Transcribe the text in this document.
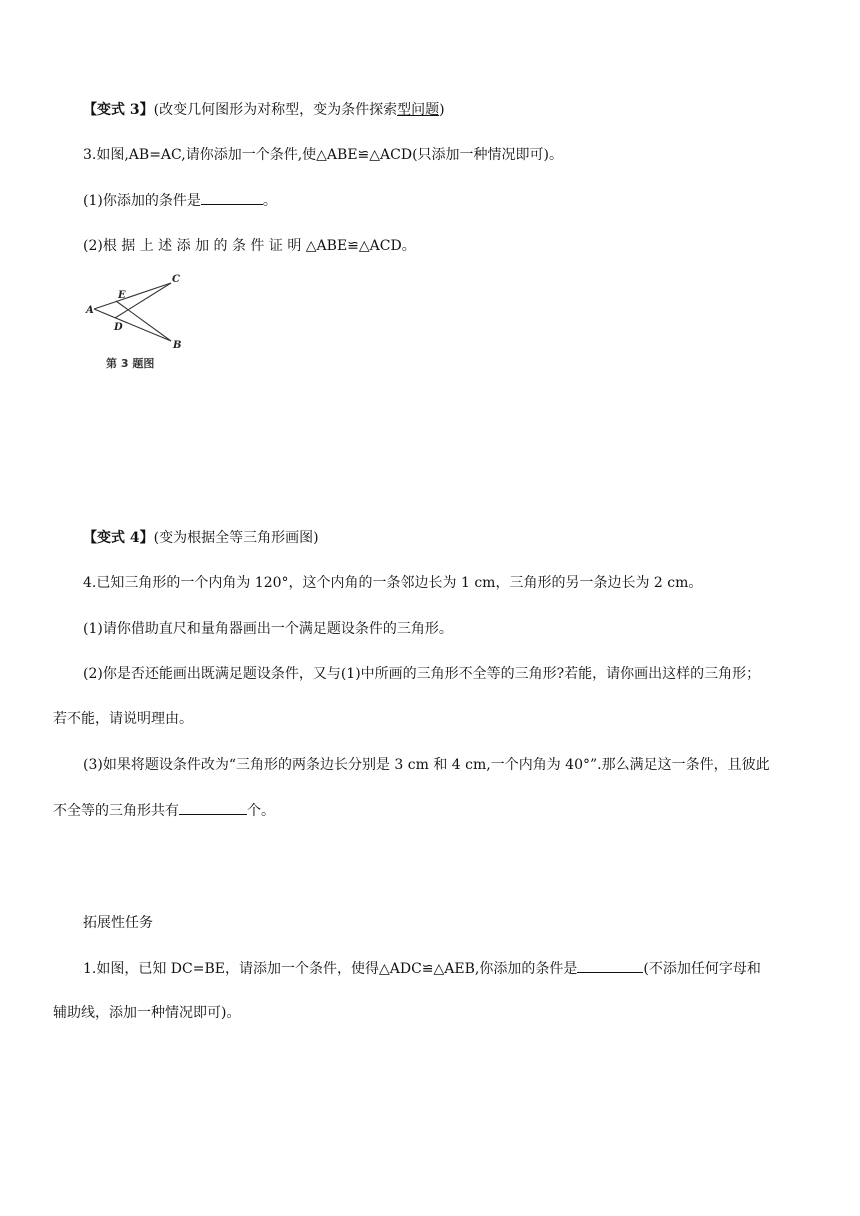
【变式 3】(改变几何图形为对称型，变为条件探索型问题)
3.如图,AB=AC,请你添加一个条件,使△ABE≌△ACD(只添加一种情况即可)。
(1)你添加的条件是	。
(2)根 据 上 述 添 加 的 条 件 证 明 △ABE≌△ACD。
A
C
E
D
B
第 3 题图
【变式 4】(变为根据全等三角形画图)
4.已知三角形的一个内角为 120°，这个内角的一条邻边长为 1 cm，三角形的另一条边长为 2 cm。
(1)请你借助直尺和量角器画出一个满足题设条件的三角形。
(2)你是否还能画出既满足题设条件，又与(1)中所画的三角形不全等的三角形?若能，请你画出这样的三角形；
若不能，请说明理由。
(3)如果将题设条件改为“三角形的两条边长分别是 3 cm 和 4 cm,一个内角为 40°”.那么满足这一条件，且彼此
不全等的三角形共有	个。
拓展性任务
1.如图，已知 DC=BE，请添加一个条件，使得△ADC≌△AEB,你添加的条件是	(不添加任何字母和
辅助线，添加一种情况即可)。
